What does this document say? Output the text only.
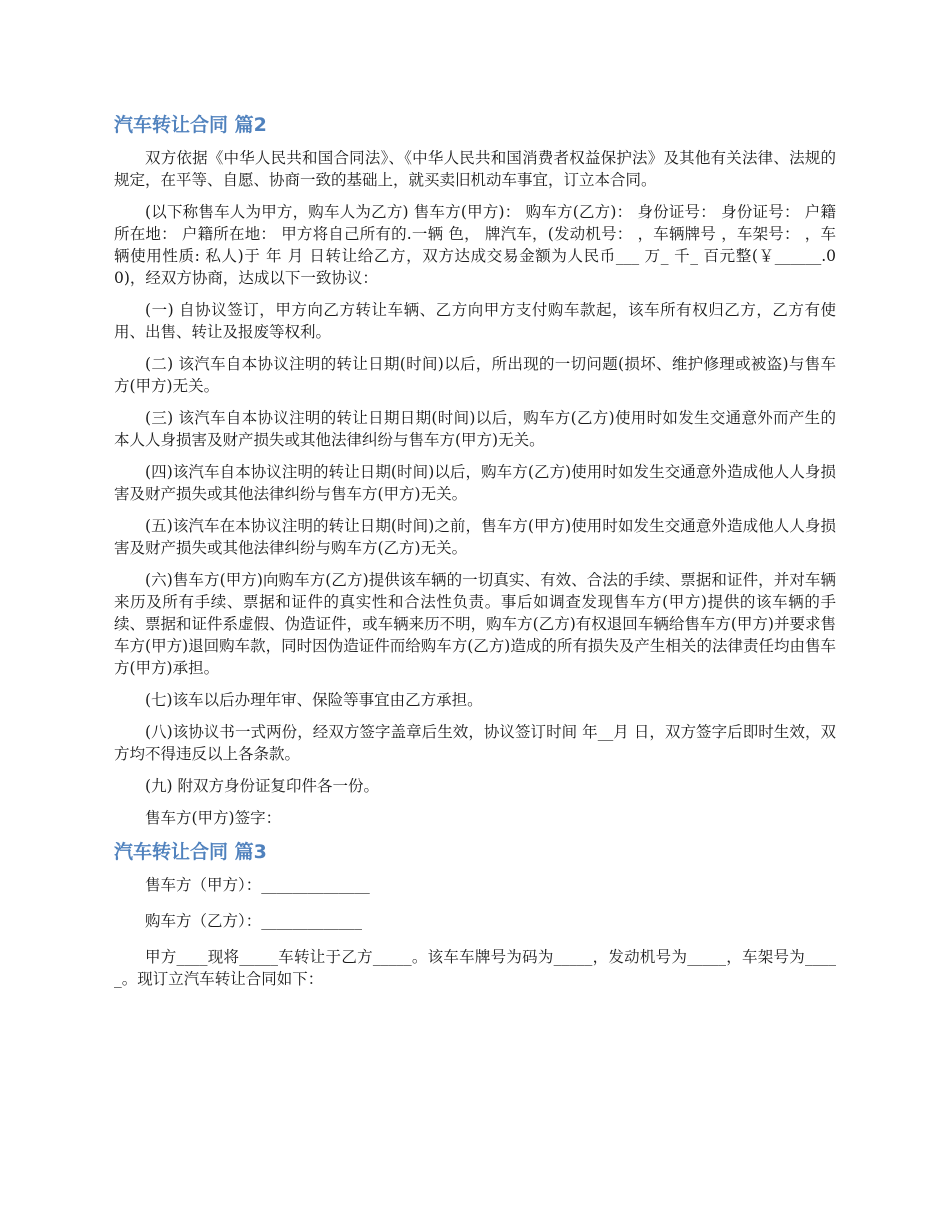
汽车转让合同 篇2

双方依据《中华人民共和国合同法》、《中华人民共和国消费者权益保护法》及其他有关法律、法规的规定，在平等、自愿、协商一致的基础上，就买卖旧机动车事宜，订立本合同。

(以下称售车人为甲方，购车人为乙方) 售车方(甲方)： 购车方(乙方)： 身份证号： 身份证号： 户籍所在地： 户籍所在地： 甲方将自己所有的.一辆 色， 牌汽车，(发动机号： ，车辆牌号 ，车架号： ，车辆使用性质: 私人)于 年 月 日转让给乙方，双方达成交易金额为人民币___ 万_ 千_ 百元整(￥______.00)，经双方协商，达成以下一致协议：

(一) 自协议签订，甲方向乙方转让车辆、乙方向甲方支付购车款起，该车所有权归乙方，乙方有使用、出售、转让及报废等权利。

(二) 该汽车自本协议注明的转让日期(时间)以后，所出现的一切问题(损坏、维护修理或被盗)与售车方(甲方)无关。

(三) 该汽车自本协议注明的转让日期日期(时间)以后，购车方(乙方)使用时如发生交通意外而产生的本人人身损害及财产损失或其他法律纠纷与售车方(甲方)无关。

(四)该汽车自本协议注明的转让日期(时间)以后，购车方(乙方)使用时如发生交通意外造成他人人身损害及财产损失或其他法律纠纷与售车方(甲方)无关。

(五)该汽车在本协议注明的转让日期(时间)之前，售车方(甲方)使用时如发生交通意外造成他人人身损害及财产损失或其他法律纠纷与购车方(乙方)无关。

(六)售车方(甲方)向购车方(乙方)提供该车辆的一切真实、有效、合法的手续、票据和证件，并对车辆来历及所有手续、票据和证件的真实性和合法性负责。事后如调查发现售车方(甲方)提供的该车辆的手续、票据和证件系虚假、伪造证件，或车辆来历不明，购车方(乙方)有权退回车辆给售车方(甲方)并要求售车方(甲方)退回购车款，同时因伪造证件而给购车方(乙方)造成的所有损失及产生相关的法律责任均由售车方(甲方)承担。

(七)该车以后办理年审、保险等事宜由乙方承担。

(八)该协议书一式两份，经双方签字盖章后生效，协议签订时间 年__月 日，双方签字后即时生效，双方均不得违反以上各条款。

(九) 附双方身份证复印件各一份。

售车方(甲方)签字：

汽车转让合同 篇3

售车方（甲方）：______________

购车方（乙方）：_____________

甲方____现将_____车转让于乙方_____。该车车牌号为码为_____，发动机号为_____，车架号为_____。现订立汽车转让合同如下：
